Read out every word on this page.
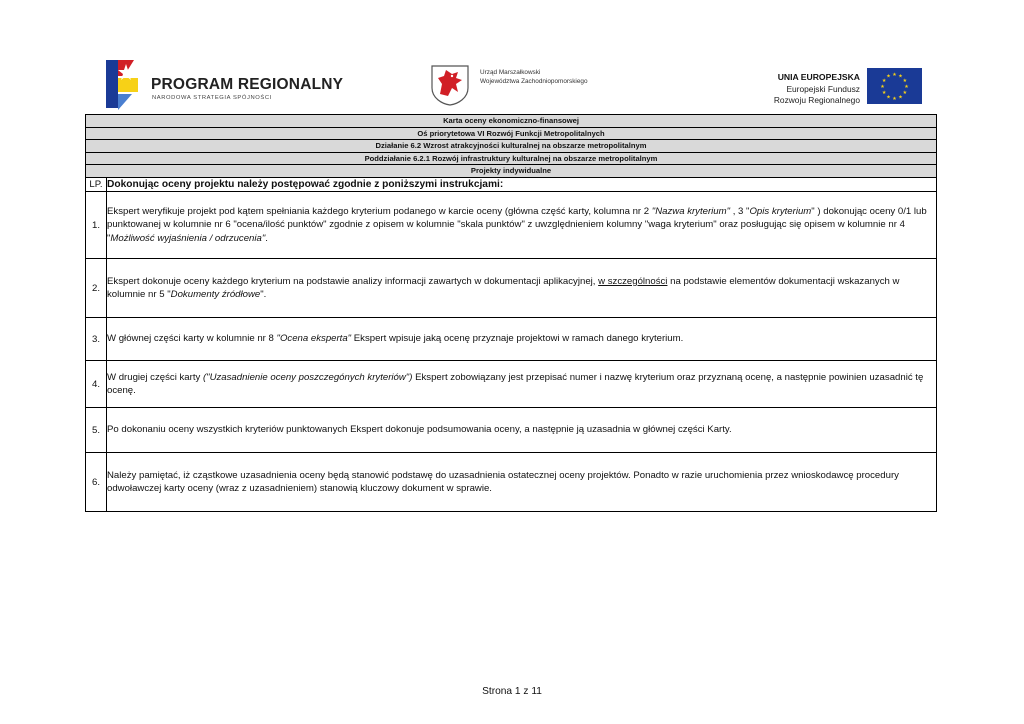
PROGRAM REGIONALNY
NARODOWA STRATEGIA SPÓJNOŚCI
Urząd Marszałkowski
Województwa Zachodniopomorskiego	UNIA EUROPEJSKA
Europejski Fundusz
Rozwoju Regionalnego
★ ★
★
★
★
★
★
★
★
★
★
★
Karta oceny ekonomiczno-finansowej	
Oś priorytetowa VI Rozwój Funkcji Metropolitalnych	
Działanie 6.2 Wzrost atrakcyjności kulturalnej na obszarze metropolitalnym	
Poddziałanie 6.2.1 Rozwój infrastruktury kulturalnej na obszarze metropolitalnym	
Projekty indywidualne	
LP.	Dokonując oceny projektu należy postępować zgodnie z poniższymi instrukcjami:
1.	Ekspert weryfikuje projekt pod kątem spełniania każdego kryterium podanego w karcie oceny (główna część karty, kolumna nr 2 "Nazwa kryterium" , 3 "Opis kryterium" ) dokonując oceny 0/1 lub punktowanej w kolumnie nr 6 "ocena/ilość punktów" zgodnie z opisem w kolumnie "skala punktów" z uwzględnieniem kolumny "waga kryterium" oraz posługując się opisem w kolumnie nr 4 "Możliwość wyjaśnienia / odrzucenia".
2.	Ekspert dokonuje oceny każdego kryterium na podstawie analizy informacji zawartych w dokumentacji aplikacyjnej, w szczególności na podstawie elementów dokumentacji wskazanych w kolumnie nr 5 "Dokumenty źródłowe".
3.	W głównej części karty w kolumnie nr 8 "Ocena eksperta" Ekspert wpisuje jaką ocenę przyznaje projektowi w ramach danego kryterium.
4.	W drugiej części karty ("Uzasadnienie oceny poszczegónych kryteriów") Ekspert zobowiązany jest przepisać numer i nazwę kryterium oraz przyznaną ocenę, a następnie powinien uzasadnić tę ocenę.
5.	Po dokonaniu oceny wszystkich kryteriów punktowanych Ekspert dokonuje podsumowania oceny, a następnie ją uzasadnia w głównej części Karty.
6.	Należy pamiętać, iż cząstkowe uzasadnienia oceny będą stanowić podstawę do uzasadnienia ostatecznej oceny projektów. Ponadto w razie uruchomienia przez wnioskodawcę procedury odwoławczej karty oceny (wraz z uzasadnieniem) stanowią kluczowy dokument w sprawie.
Strona 1 z 11
